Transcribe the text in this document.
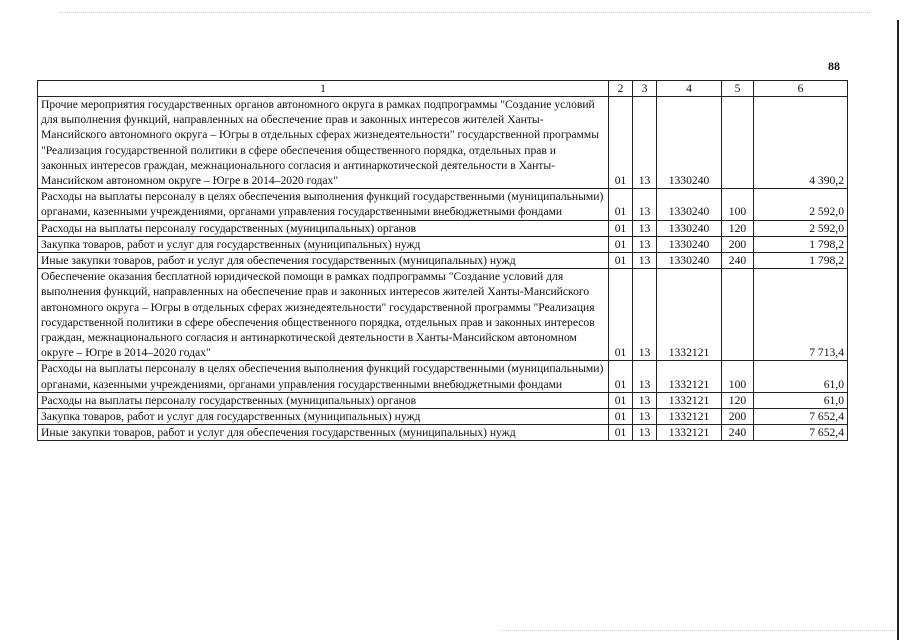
88
1	2	3	4	5	6
Прочие мероприятия государственных органов автономного округа в рамках подпрограммы "Создание условий для выполнения функций, направленных на обеспечение прав и законных интересов жителей Ханты-Мансийского автономного округа – Югры в отдельных сферах жизнедеятельности" государственной программы "Реализация государственной политики в сфере обеспечения общественного порядка, отдельных прав и законных интересов граждан, межнационального согласия и антинаркотической деятельности в Ханты-Мансийском автономном округе – Югре в 2014–2020 годах"	01	13	1330240		4 390,2
Расходы на выплаты персоналу в целях обеспечения выполнения функций государственными (муниципальными) органами, казенными учреждениями, органами управления государственными внебюджетными фондами	01	13	1330240	100	2 592,0
Расходы на выплаты персоналу государственных (муниципальных) органов	01	13	1330240	120	2 592,0
Закупка товаров, работ и услуг для государственных (муниципальных) нужд	01	13	1330240	200	1 798,2
Иные закупки товаров, работ и услуг для обеспечения государственных (муниципальных) нужд	01	13	1330240	240	1 798,2
Обеспечение оказания бесплатной юридической помощи в рамках подпрограммы "Создание условий для выполнения функций, направленных на обеспечение прав и законных интересов жителей Ханты-Мансийского автономного округа – Югры в отдельных сферах жизнедеятельности" государственной программы "Реализация государственной политики в сфере обеспечения общественного порядка, отдельных прав и законных интересов граждан, межнационального согласия и антинаркотической деятельности в Ханты-Мансийском автономном округе – Югре в 2014–2020 годах"	01	13	1332121		7 713,4
Расходы на выплаты персоналу в целях обеспечения выполнения функций государственными (муниципальными) органами, казенными учреждениями, органами управления государственными внебюджетными фондами	01	13	1332121	100	61,0
Расходы на выплаты персоналу государственных (муниципальных) органов	01	13	1332121	120	61,0
Закупка товаров, работ и услуг для государственных (муниципальных) нужд	01	13	1332121	200	7 652,4
Иные закупки товаров, работ и услуг для обеспечения государственных (муниципальных) нужд	01	13	1332121	240	7 652,4
